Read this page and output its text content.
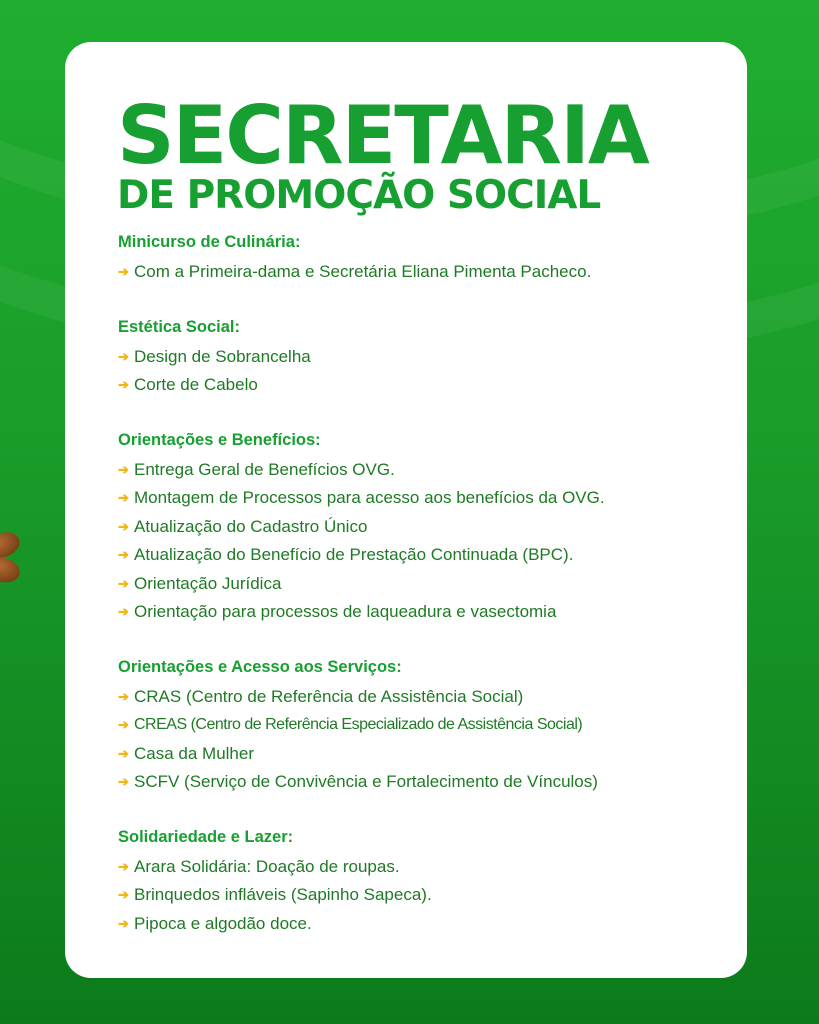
SECRETARIA
DE PROMOÇÃO SOCIAL
Minicurso de Culinária:
➔ Com a Primeira-dama e Secretária Eliana Pimenta Pacheco.
Estética Social:
➔ Design de Sobrancelha
➔ Corte de Cabelo
Orientações e Benefícios:
➔ Entrega Geral de Benefícios OVG.
➔ Montagem de Processos para acesso aos benefícios da OVG.
➔ Atualização do Cadastro Único
➔ Atualização do Benefício de Prestação Continuada (BPC).
➔ Orientação Jurídica
➔ Orientação para processos de laqueadura e vasectomia
Orientações e Acesso aos Serviços:
➔ CRAS (Centro de Referência de Assistência Social)
➔ CREAS (Centro de Referência Especializado de Assistência Social)
➔ Casa da Mulher
➔ SCFV (Serviço de Convivência e Fortalecimento de Vínculos)
Solidariedade e Lazer:
➔ Arara Solidária: Doação de roupas.
➔ Brinquedos infláveis (Sapinho Sapeca).
➔ Pipoca e algodão doce.
